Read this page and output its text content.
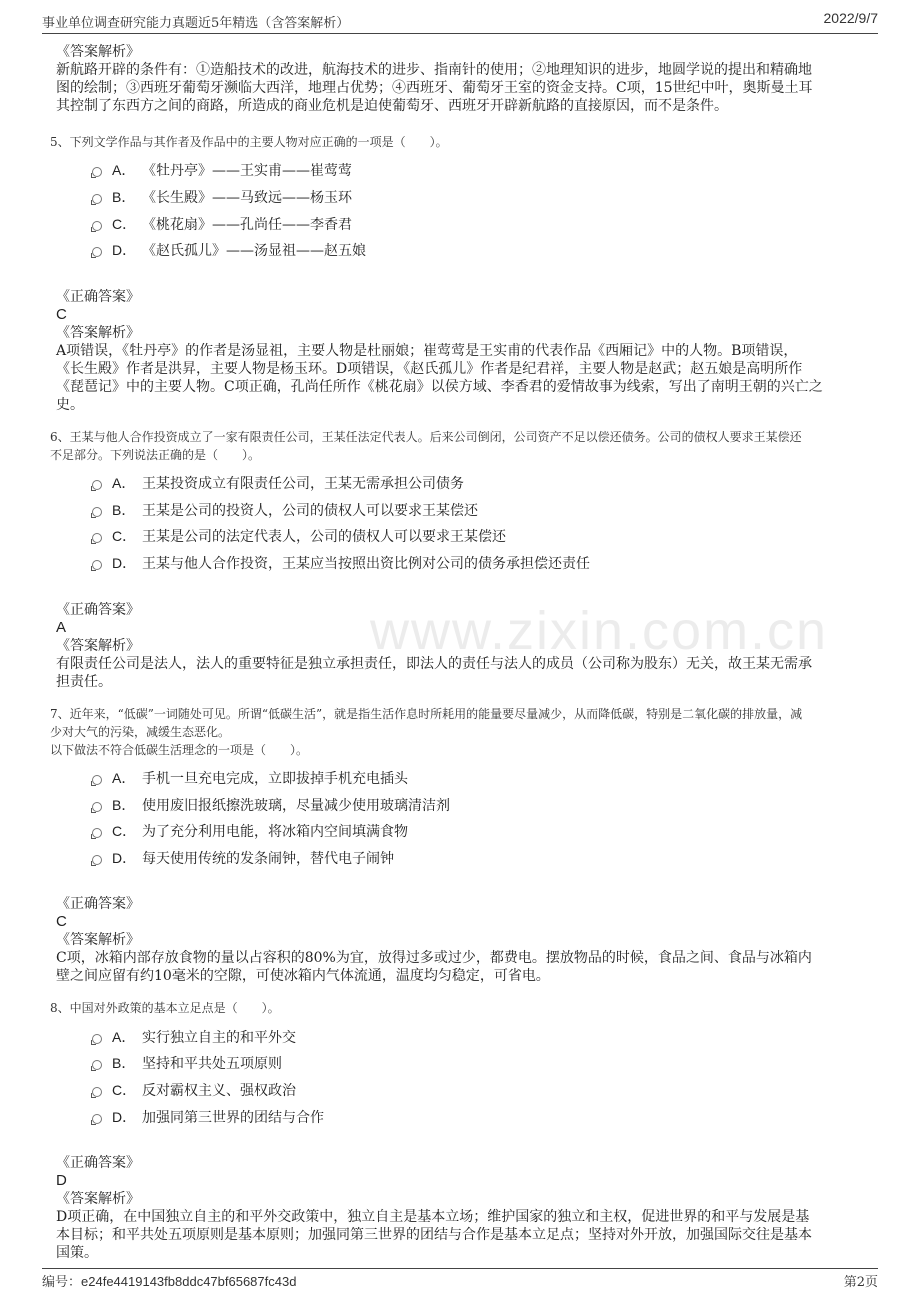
事业单位调查研究能力真题近5年精选（含答案解析）	2022/9/7
www.zixin.com.cn
《答案解析》
新航路开辟的条件有：①造船技术的改进，航海技术的进步、指南针的使用；②地理知识的进步，地圆学说的提出和精确地
图的绘制；③西班牙葡萄牙濒临大西洋，地理占优势；④西班牙、葡萄牙王室的资金支持。C项，15世纪中叶，奥斯曼土耳
其控制了东西方之间的商路，所造成的商业危机是迫使葡萄牙、西班牙开辟新航路的直接原因，而不是条件。
5、下列文学作品与其作者及作品中的主要人物对应正确的一项是（　　）。
A． 《牡丹亭》——王实甫——崔莺莺
B． 《长生殿》——马致远——杨玉环
C． 《桃花扇》——孔尚任——李香君
D． 《赵氏孤儿》——汤显祖——赵五娘
《正确答案》
C
《答案解析》
A项错误，《牡丹亭》的作者是汤显祖，主要人物是杜丽娘；崔莺莺是王实甫的代表作品《西厢记》中的人物。B项错误，
《长生殿》作者是洪昇，主要人物是杨玉环。D项错误，《赵氏孤儿》作者是纪君祥，主要人物是赵武；赵五娘是高明所作
《琵琶记》中的主要人物。C项正确，孔尚任所作《桃花扇》以侯方域、李香君的爱情故事为线索，写出了南明王朝的兴亡之
史。
6、王某与他人合作投资成立了一家有限责任公司，王某任法定代表人。后来公司倒闭，公司资产不足以偿还债务。公司的债权人要求王某偿还
不足部分。下列说法正确的是（　　）。
A． 王某投资成立有限责任公司，王某无需承担公司债务
B． 王某是公司的投资人，公司的债权人可以要求王某偿还
C． 王某是公司的法定代表人，公司的债权人可以要求王某偿还
D． 王某与他人合作投资，王某应当按照出资比例对公司的债务承担偿还责任
《正确答案》
A
《答案解析》
有限责任公司是法人，法人的重要特征是独立承担责任，即法人的责任与法人的成员（公司称为股东）无关，故王某无需承
担责任。
7、近年来，“低碳”一词随处可见。所谓“低碳生活”，就是指生活作息时所耗用的能量要尽量减少，从而降低碳，特别是二氧化碳的排放量，减
少对大气的污染，减缓生态恶化。
以下做法不符合低碳生活理念的一项是（　　）。
A． 手机一旦充电完成，立即拔掉手机充电插头
B． 使用废旧报纸擦洗玻璃，尽量减少使用玻璃清洁剂
C． 为了充分利用电能，将冰箱内空间填满食物
D． 每天使用传统的发条闹钟，替代电子闹钟
《正确答案》
C
《答案解析》
C项，冰箱内部存放食物的量以占容积的80%为宜，放得过多或过少，都费电。摆放物品的时候，食品之间、食品与冰箱内
壁之间应留有约10毫米的空隙，可使冰箱内气体流通，温度均匀稳定，可省电。
8、中国对外政策的基本立足点是（　　）。
A． 实行独立自主的和平外交
B． 坚持和平共处五项原则
C． 反对霸权主义、强权政治
D． 加强同第三世界的团结与合作
《正确答案》
D
《答案解析》
D项正确，在中国独立自主的和平外交政策中，独立自主是基本立场；维护国家的独立和主权，促进世界的和平与发展是基
本目标；和平共处五项原则是基本原则；加强同第三世界的团结与合作是基本立足点；坚持对外开放，加强国际交往是基本
国策。
编号：e24fe4419143fb8ddc47bf65687fc43d	第2页
